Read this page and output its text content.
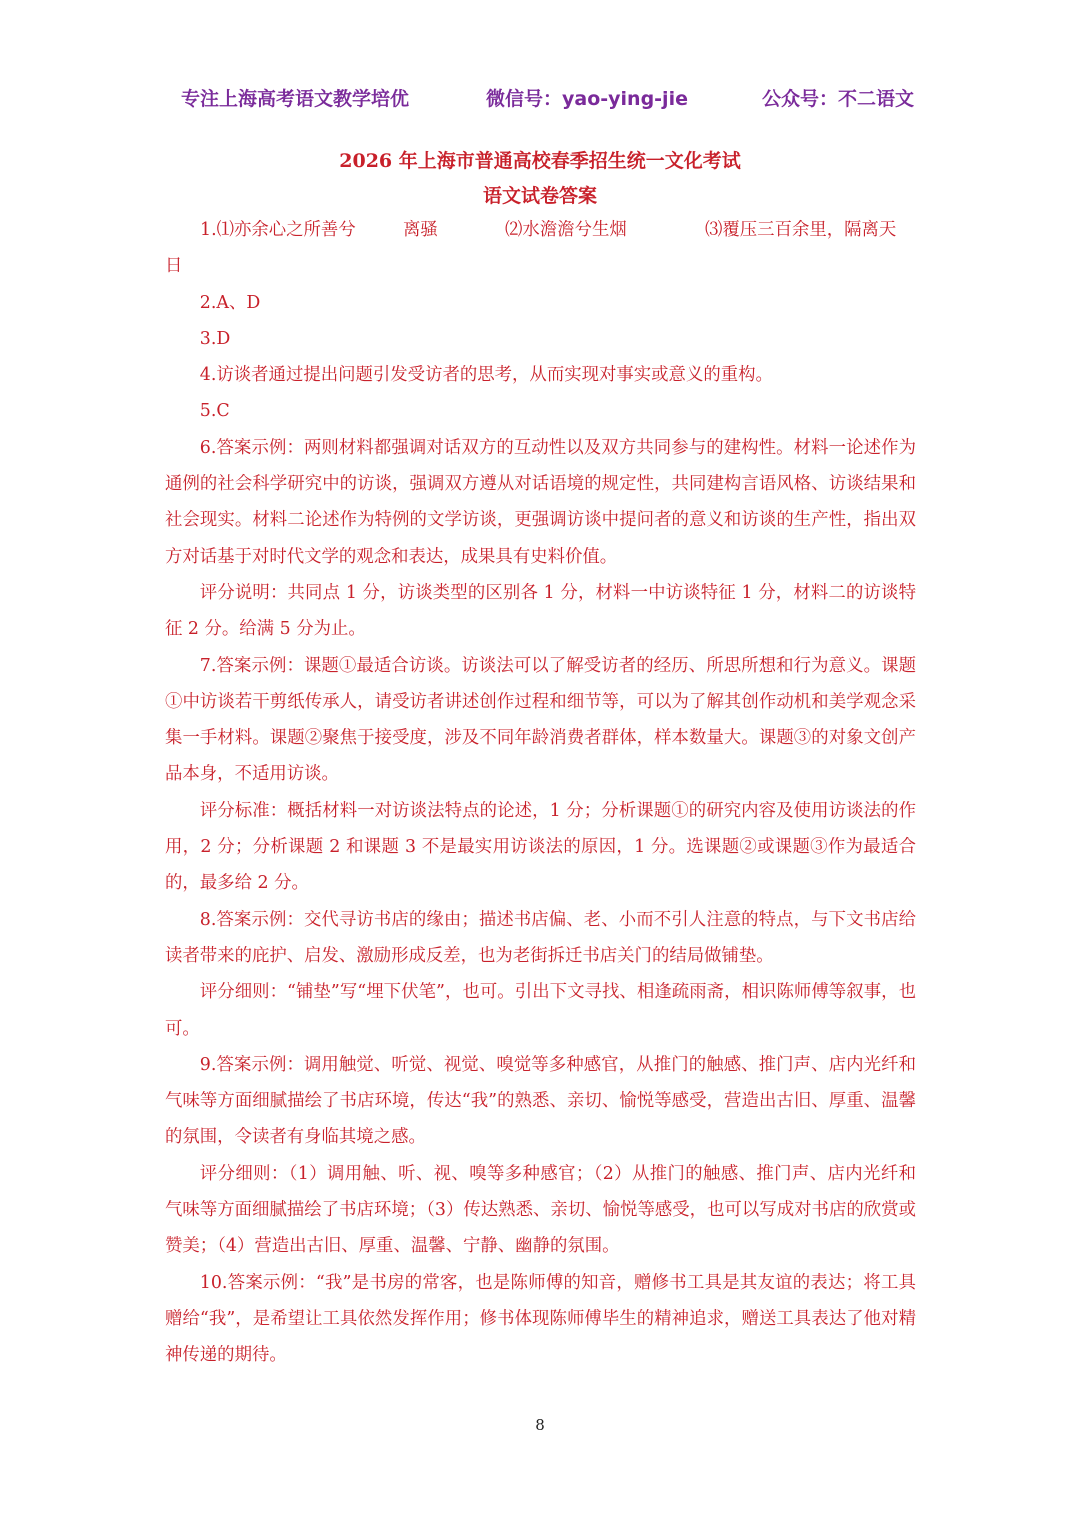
专注上海高考语文教学培优	微信号：yao-ying-jie	公众号：不二语文
2026 年上海市普通高校春季招生统一文化考试
语文试卷答案
1.⑴亦余心之所善兮	离骚	⑵水澹澹兮生烟	⑶覆压三百余里，隔离天
日

2.A、D

3.D

4.访谈者通过提出问题引发受访者的思考，从而实现对事实或意义的重构。

5.C

6.答案示例：两则材料都强调对话双方的互动性以及双方共同参与的建构性。材料一论述作为通例的社会科学研究中的访谈，强调双方遵从对话语境的规定性，共同建构言语风格、访谈结果和社会现实。材料二论述作为特例的文学访谈，更强调访谈中提问者的意义和访谈的生产性，指出双方对话基于对时代文学的观念和表达，成果具有史料价值。

评分说明：共同点 1 分，访谈类型的区别各 1 分，材料一中访谈特征 1 分，材料二的访谈特征 2 分。给满 5 分为止。

7.答案示例：课题①最适合访谈。访谈法可以了解受访者的经历、所思所想和行为意义。课题①中访谈若干剪纸传承人，请受访者讲述创作过程和细节等，可以为了解其创作动机和美学观念采集一手材料。课题②聚焦于接受度，涉及不同年龄消费者群体，样本数量大。课题③的对象文创产品本身，不适用访谈。

评分标准：概括材料一对访谈法特点的论述，1 分；分析课题①的研究内容及使用访谈法的作用，2 分；分析课题 2 和课题 3 不是最实用访谈法的原因，1 分。选课题②或课题③作为最适合的，最多给 2 分。

8.答案示例：交代寻访书店的缘由；描述书店偏、老、小而不引人注意的特点，与下文书店给读者带来的庇护、启发、激励形成反差，也为老街拆迁书店关门的结局做铺垫。

评分细则：“铺垫”写“埋下伏笔”，也可。引出下文寻找、相逢疏雨斋，相识陈师傅等叙事，也可。

9.答案示例：调用触觉、听觉、视觉、嗅觉等多种感官，从推门的触感、推门声、店内光纤和气味等方面细腻描绘了书店环境，传达“我”的熟悉、亲切、愉悦等感受，营造出古旧、厚重、温馨的氛围，令读者有身临其境之感。

评分细则：（1）调用触、听、视、嗅等多种感官；（2）从推门的触感、推门声、店内光纤和气味等方面细腻描绘了书店环境；（3）传达熟悉、亲切、愉悦等感受，也可以写成对书店的欣赏或赞美；（4）营造出古旧、厚重、温馨、宁静、幽静的氛围。

10.答案示例：“我”是书房的常客，也是陈师傅的知音，赠修书工具是其友谊的表达；将工具赠给“我”，是希望让工具依然发挥作用；修书体现陈师傅毕生的精神追求，赠送工具表达了他对精神传递的期待。

8
